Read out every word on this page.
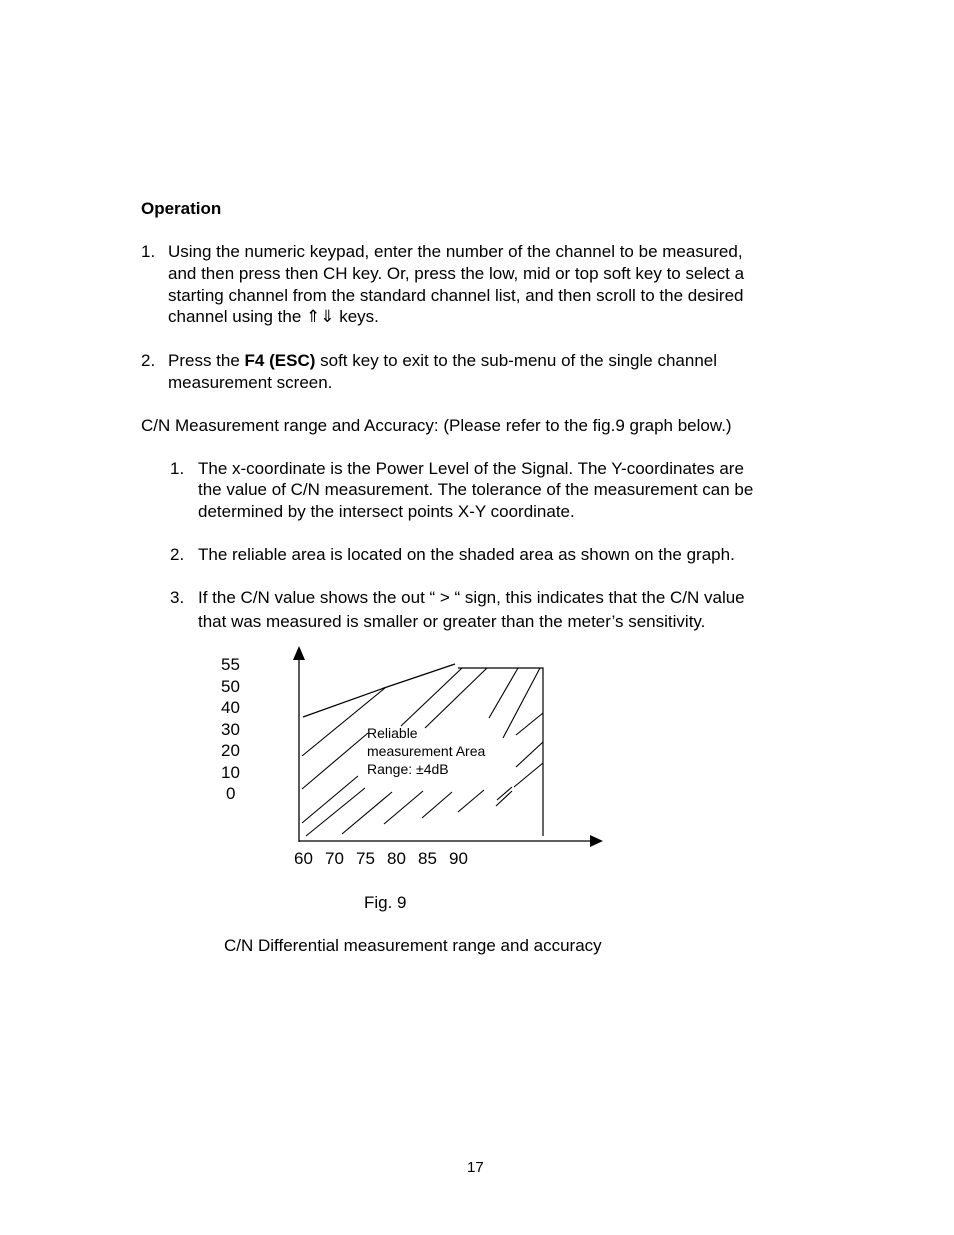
Operation
1. Using the numeric keypad, enter the number of the channel to be measured,
and then press then CH key. Or, press the low, mid or top soft key to select a
starting channel from the standard channel list, and then scroll to the desired
channel using the ⇑⇓ keys.
2. Press the F4 (ESC) soft key to exit to the sub-menu of the single channel
measurement screen.
C/N Measurement range and Accuracy: (Please refer to the fig.9 graph below.)
1. The x-coordinate is the Power Level of the Signal. The Y-coordinates are
the value of C/N measurement. The tolerance of the measurement can be
determined by the intersect points X-Y coordinate.
2. The reliable area is located on the shaded area as shown on the graph.
3. If the C/N value shows the out “ > “ sign, this indicates that the C/N value
that was measured is smaller or greater than the meter’s sensitivity.
55
50
40
30
20
10
0
Reliable
measurement Area
Range: ±4dB
60 70 75 80 85 90
Fig. 9
C/N Differential measurement range and accuracy
17
